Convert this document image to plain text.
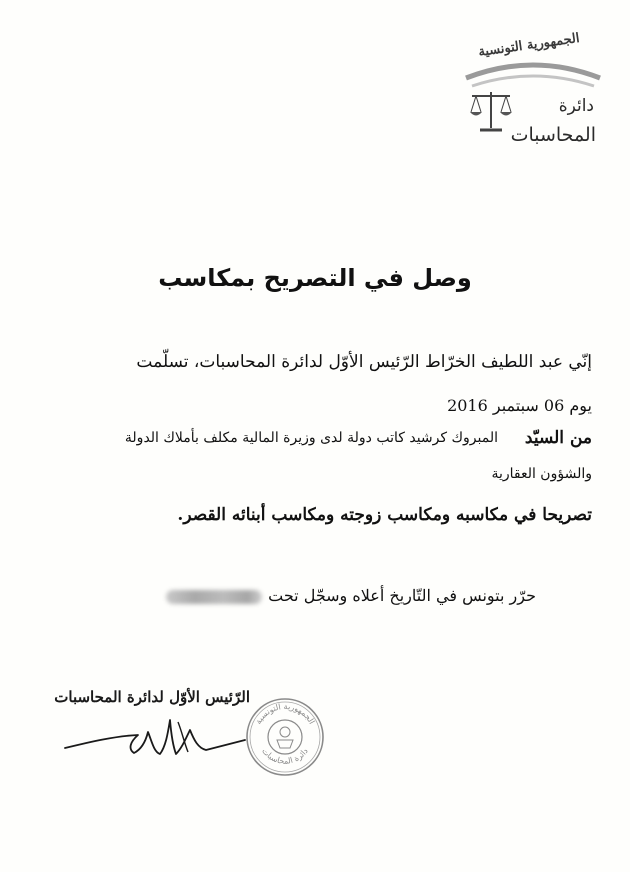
الجمهورية التونسية
دائرة
المحاسبات
وصل في التصريح بمكاسب
إنّي عبد اللطيف الخرّاط الرّئيس الأوّل لدائرة المحاسبات، تسلّمت
يوم 06 سبتمبر 2016
من السيّد
المبروك كرشيد كاتب دولة لدى وزيرة المالية مكلف بأملاك الدولة
والشؤون العقارية
تصريحا في مكاسبه ومكاسب زوجته ومكاسب أبنائه القصر.
حرّر بتونس في التّاريخ أعلاه وسجّل تحت
الرّئيس الأوّل لدائرة المحاسبات
الجمهورية التونسية
دائرة المحاسبات
